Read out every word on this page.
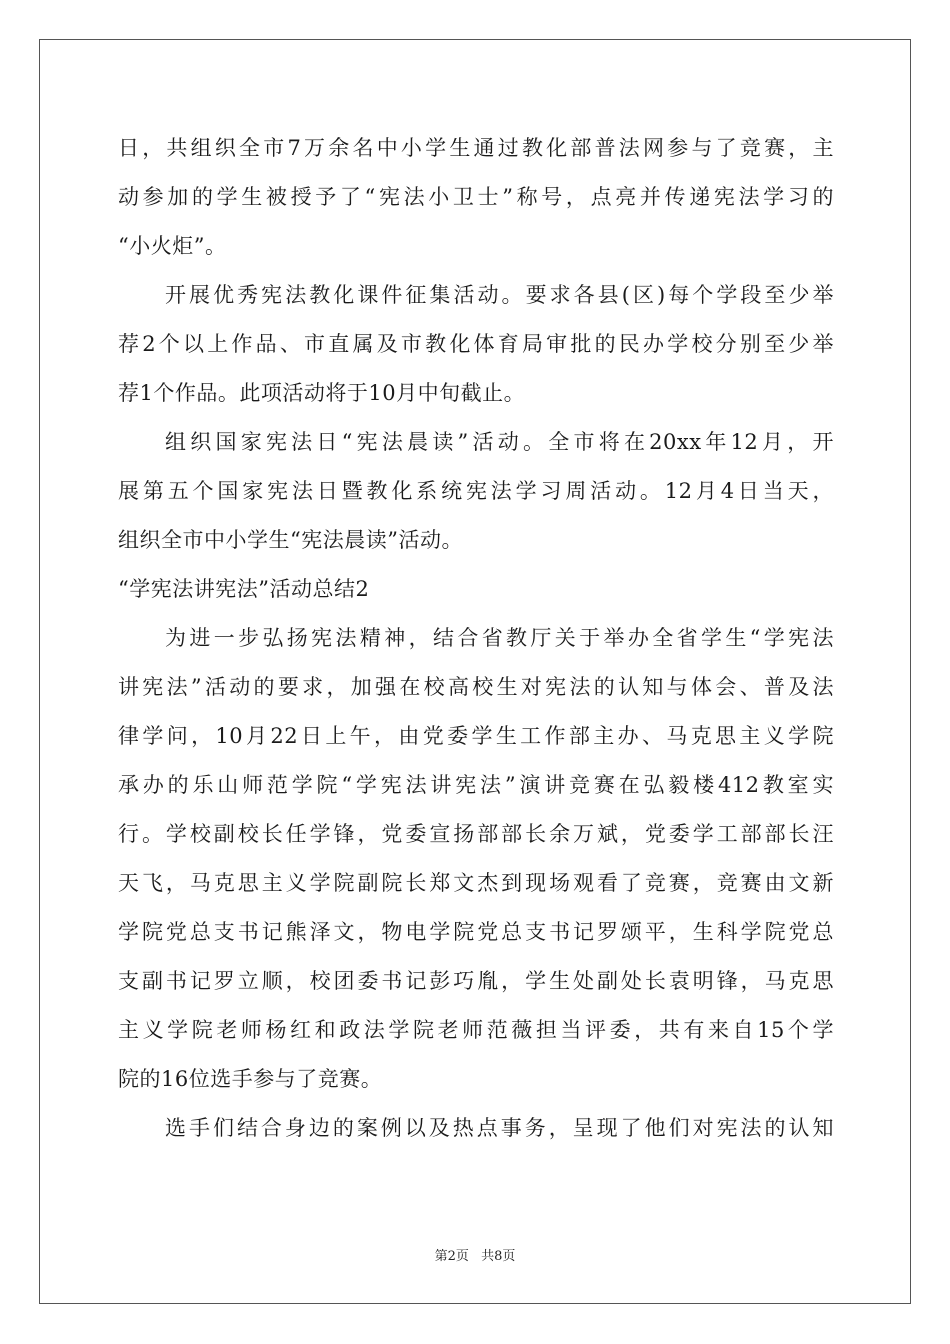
日，共组织全市7万余名中小学生通过教化部普法网参与了竞赛，主
动参加的学生被授予了“宪法小卫士”称号，点亮并传递宪法学习的
“小火炬”。
开展优秀宪法教化课件征集活动。要求各县(区)每个学段至少举
荐2个以上作品、市直属及市教化体育局审批的民办学校分别至少举
荐1个作品。此项活动将于10月中旬截止。
组织国家宪法日“宪法晨读”活动。全市将在20xx年12月，开
展第五个国家宪法日暨教化系统宪法学习周活动。12月4日当天，
组织全市中小学生“宪法晨读”活动。
“学宪法讲宪法”活动总结2
为进一步弘扬宪法精神，结合省教厅关于举办全省学生“学宪法
讲宪法”活动的要求，加强在校高校生对宪法的认知与体会、普及法
律学问，10月22日上午，由党委学生工作部主办、马克思主义学院
承办的乐山师范学院“学宪法讲宪法”演讲竞赛在弘毅楼412教室实
行。学校副校长任学锋，党委宣扬部部长余万斌，党委学工部部长汪
天飞，马克思主义学院副院长郑文杰到现场观看了竞赛，竞赛由文新
学院党总支书记熊泽文，物电学院党总支书记罗颂平，生科学院党总
支副书记罗立顺，校团委书记彭巧胤，学生处副处长袁明锋，马克思
主义学院老师杨红和政法学院老师范薇担当评委，共有来自15个学
院的16位选手参与了竞赛。
选手们结合身边的案例以及热点事务，呈现了他们对宪法的认知
第2页 共8页
